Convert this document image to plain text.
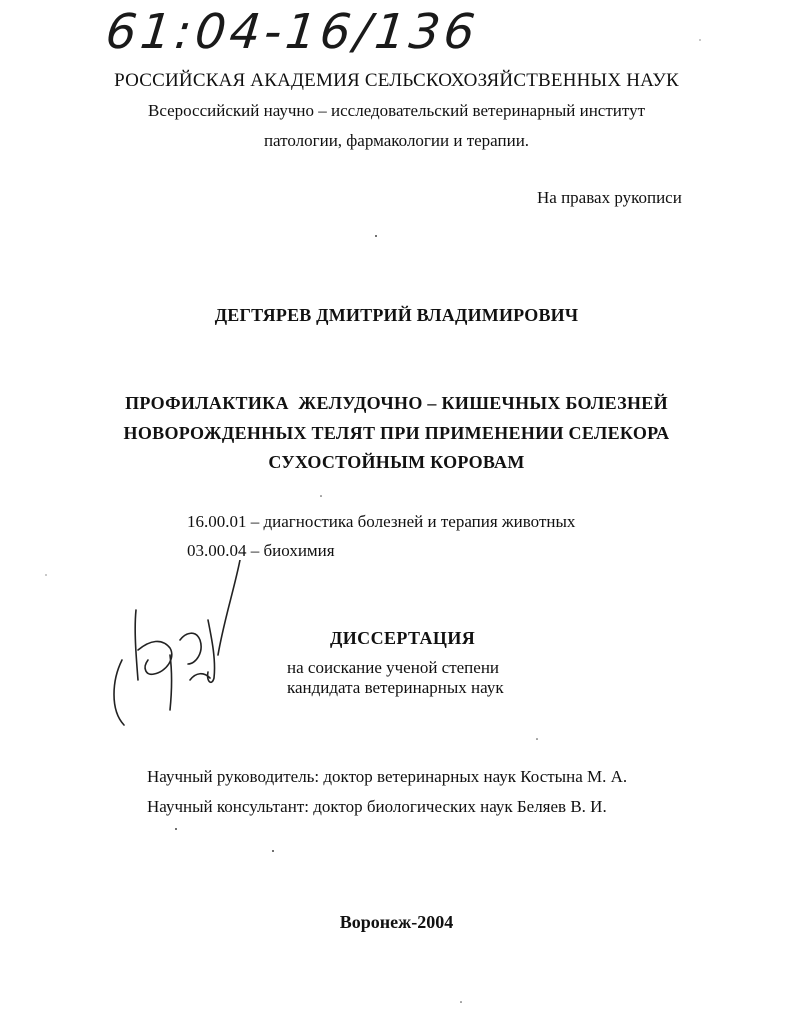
61:04-16/136
РОССИЙСКАЯ АКАДЕМИЯ СЕЛЬСКОХОЗЯЙСТВЕННЫХ НАУК
Всероссийский научно – исследовательский ветеринарный институт
патологии, фармакологии и терапии.
На правах рукописи
ДЕГТЯРЕВ ДМИТРИЙ ВЛАДИМИРОВИЧ
ПРОФИЛАКТИКА  ЖЕЛУДОЧНО – КИШЕЧНЫХ БОЛЕЗНЕЙ
НОВОРОЖДЕННЫХ ТЕЛЯТ ПРИ ПРИМЕНЕНИИ СЕЛЕКОРА
СУХОСТОЙНЫМ КОРОВАМ
16.00.01 – диагностика болезней и терапия животных
03.00.04 – биохимия
ДИССЕРТАЦИЯ
на соискание ученой степени
кандидата ветеринарных наук
Научный руководитель: доктор ветеринарных наук Костына М. А.
Научный консультант: доктор биологических наук Беляев В. И.
Воронеж-2004
